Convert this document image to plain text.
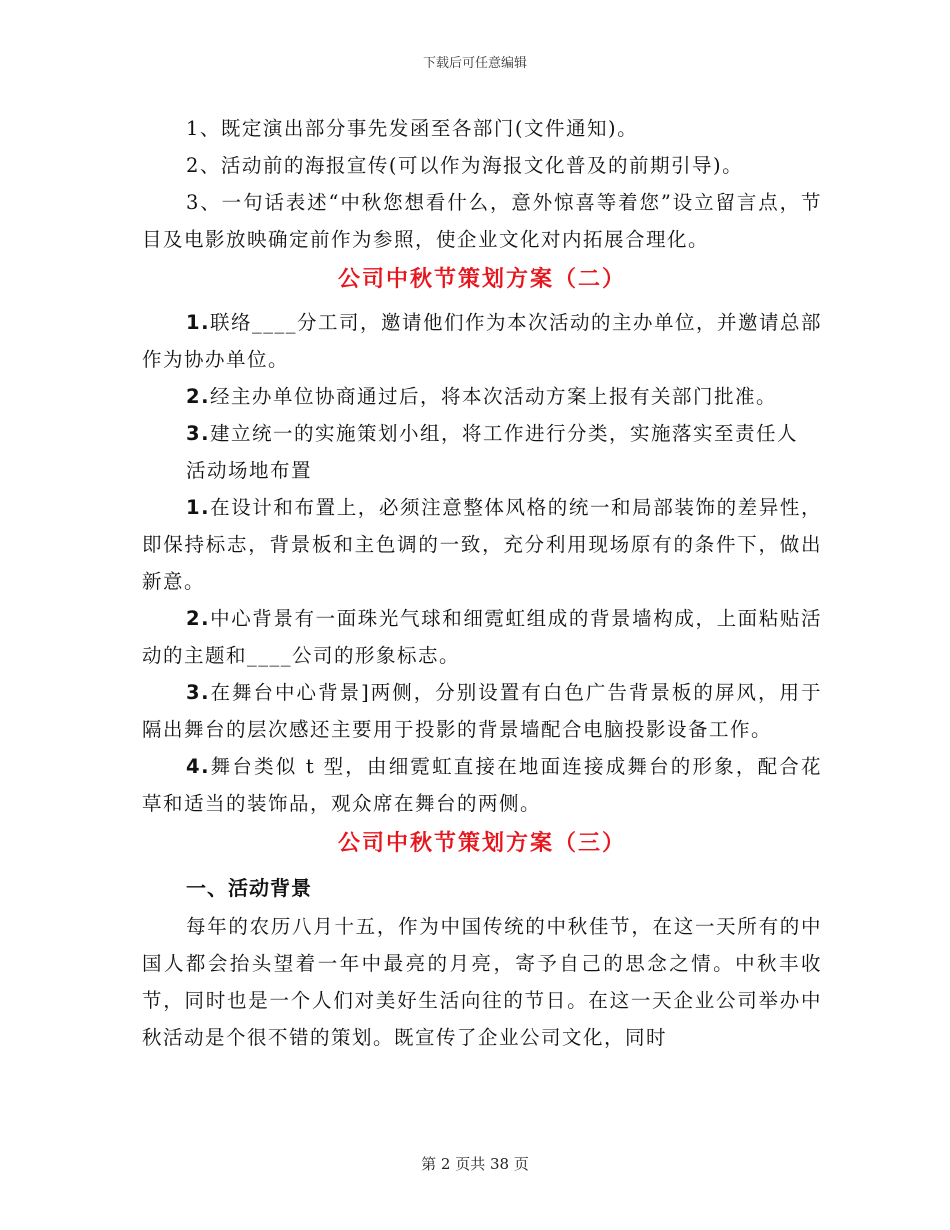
下载后可任意编辑

1、既定演出部分事先发函至各部门(文件通知)。

2、活动前的海报宣传(可以作为海报文化普及的前期引导)。

3、一句话表述“中秋您想看什么，意外惊喜等着您”设立留言点，节目及电影放映确定前作为参照，使企业文化对内拓展合理化。

公司中秋节策划方案（二）

1.联络____分工司，邀请他们作为本次活动的主办单位，并邀请总部作为协办单位。

2.经主办单位协商通过后，将本次活动方案上报有关部门批准。

3.建立统一的实施策划小组，将工作进行分类，实施落实至责任人

活动场地布置

1.在设计和布置上，必须注意整体风格的统一和局部装饰的差异性，即保持标志，背景板和主色调的一致，充分利用现场原有的条件下，做出新意。

2.中心背景有一面珠光气球和细霓虹组成的背景墙构成，上面粘贴活动的主题和____公司的形象标志。

3.在舞台中心背景]两侧，分别设置有白色广告背景板的屏风，用于隔出舞台的层次感还主要用于投影的背景墙配合电脑投影设备工作。

4.舞台类似 t 型，由细霓虹直接在地面连接成舞台的形象，配合花草和适当的装饰品，观众席在舞台的两侧。

公司中秋节策划方案（三）

一、活动背景

每年的农历八月十五，作为中国传统的中秋佳节，在这一天所有的中国人都会抬头望着一年中最亮的月亮，寄予自己的思念之情。中秋丰收节，同时也是一个人们对美好生活向往的节日。在这一天企业公司举办中秋活动是个很不错的策划。既宣传了企业公司文化，同时

第 2 页共 38 页
